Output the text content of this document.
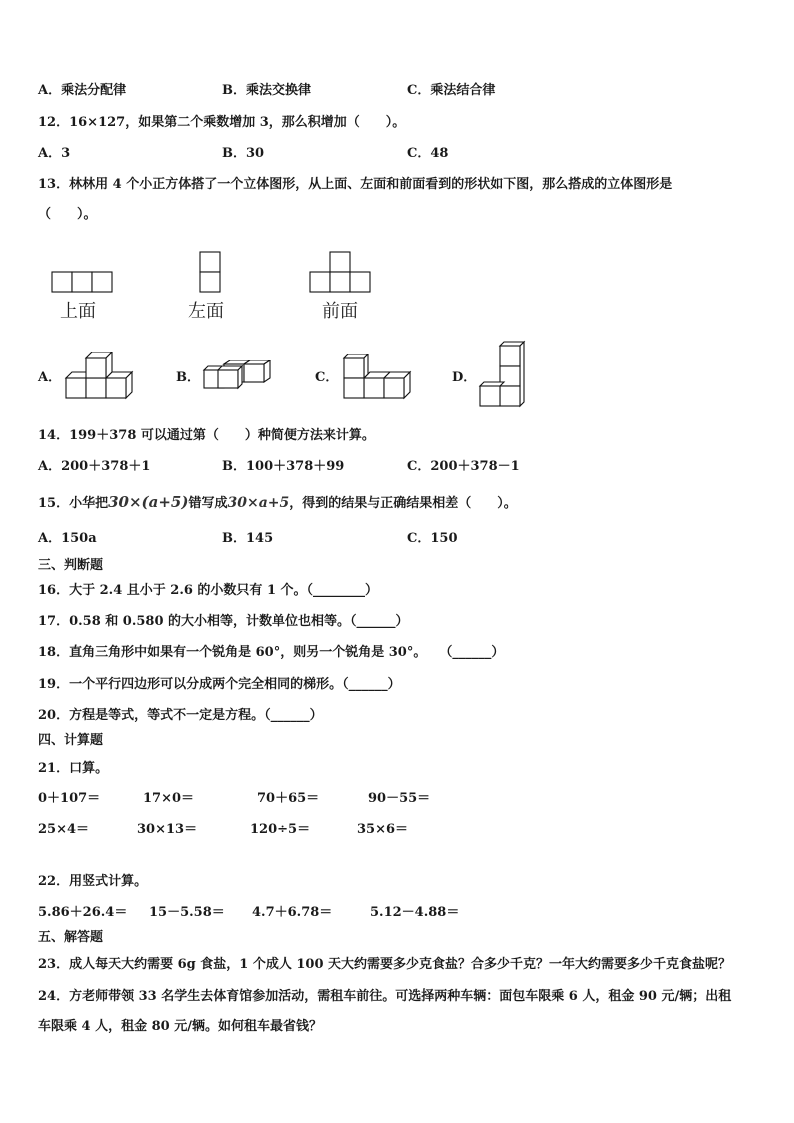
A．乘法分配律	B．乘法交换律	C．乘法结合律
12．16×127，如果第二个乘数增加 3，那么积增加（　　）。
A．3	B．30	C．48
13．林林用 4 个小正方体搭了一个立体图形，从上面、左面和前面看到的形状如下图，那么搭成的立体图形是
（　　）。
上面	左面	前面
A．	B．	C．	D．
14．199＋378 可以通过第（　　）种简便方法来计算。
A．200＋378＋1	B．100＋378＋99	C．200＋378－1
15．小华把30×(a+5)错写成30×a+5，得到的结果与正确结果相差（　　）。
A．150a	B．145	C．150
三、判断题
16．大于 2.4 且小于 2.6 的小数只有 1 个。（________）
17．0.58 和 0.580 的大小相等，计数单位也相等。（______）
18．直角三角形中如果有一个锐角是 60°，则另一个锐角是 30°。　　（______）
19．一个平行四边形可以分成两个完全相同的梯形。（______）
20．方程是等式，等式不一定是方程。（______）
四、计算题
21．口算。
0＋107＝	17×0＝	70＋65＝	90－55＝
25×4＝	30×13＝	120÷5＝	35×6＝
22．用竖式计算。
5.86＋26.4＝ 15－5.58＝ 4.7＋6.78＝	5.12－4.88＝
五、解答题
23．成人每天大约需要 6g 食盐，1 个成人 100 天大约需要多少克食盐？合多少千克？一年大约需要多少千克食盐呢？
24．方老师带领 33 名学生去体育馆参加活动，需租车前往。可选择两种车辆：面包车限乘 6 人，租金 90 元/辆；出租
车限乘 4 人，租金 80 元/辆。如何租车最省钱？
